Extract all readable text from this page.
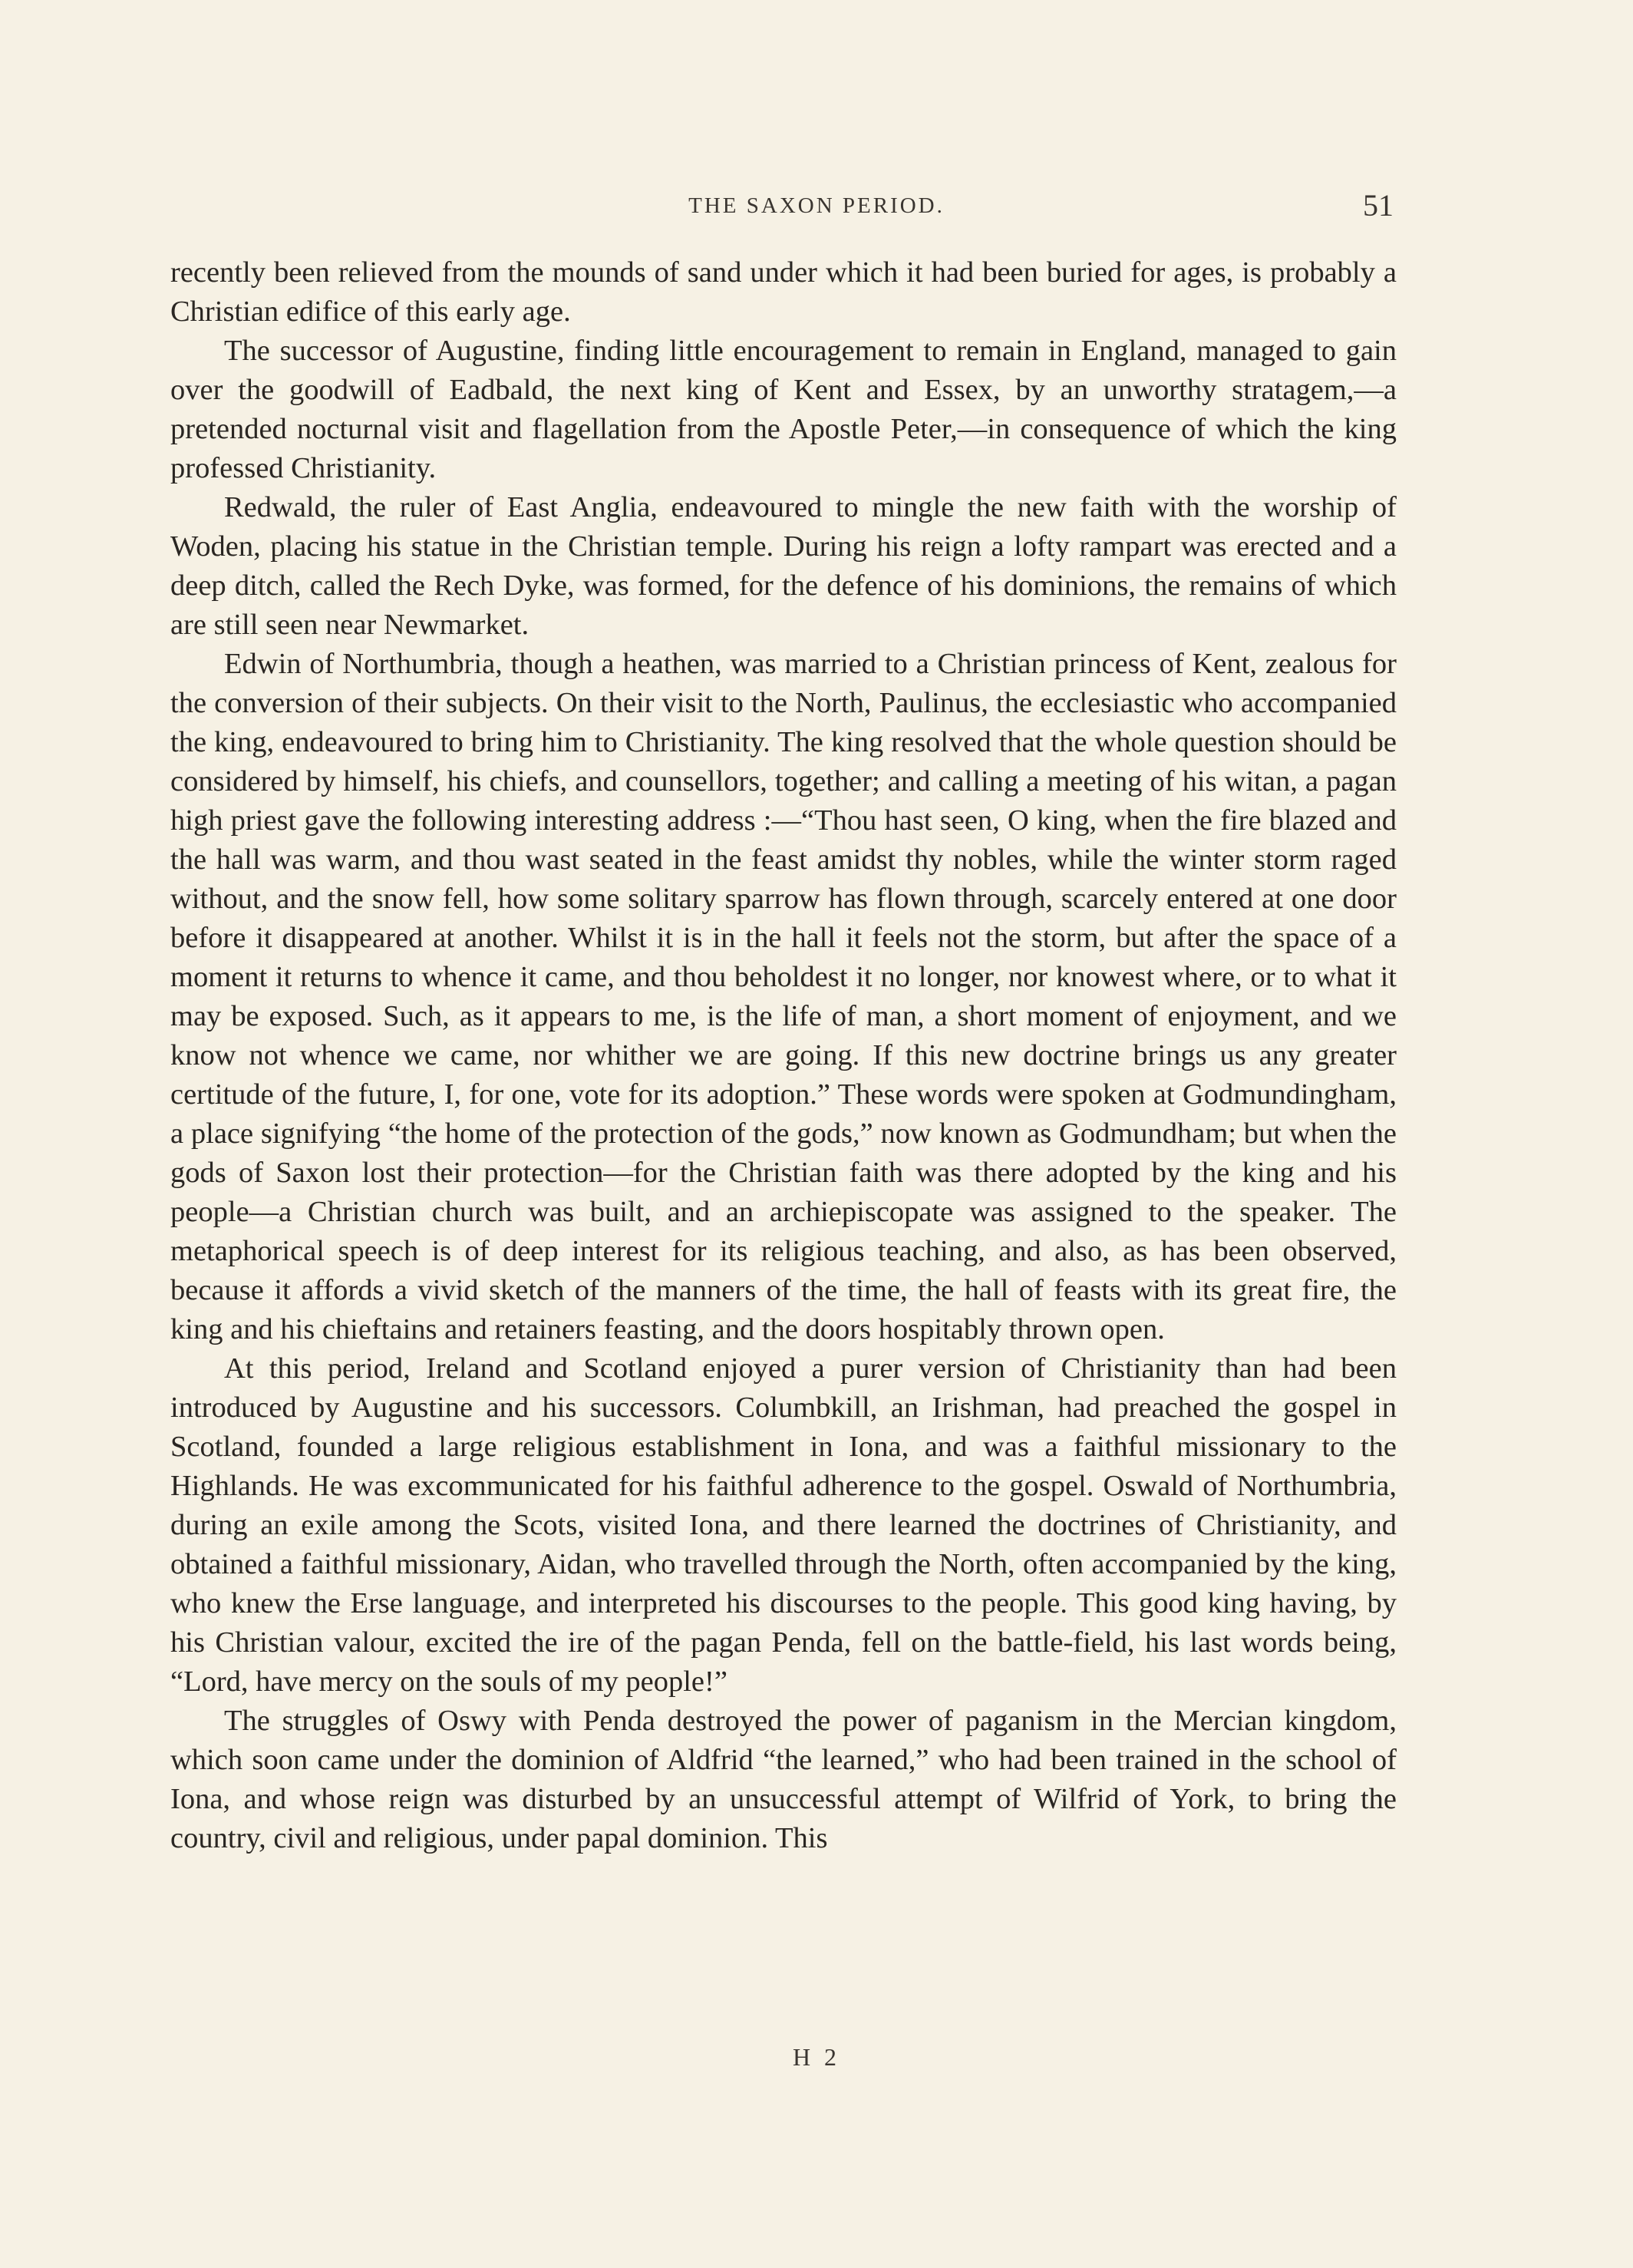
THE SAXON PERIOD.	51

recently been relieved from the mounds of sand under which it had been buried for ages, is probably a Christian edifice of this early age.

The successor of Augustine, finding little encouragement to remain in England, managed to gain over the goodwill of Eadbald, the next king of Kent and Essex, by an unworthy stratagem,—a pretended nocturnal visit and flagellation from the Apostle Peter,—in consequence of which the king professed Christianity.

Redwald, the ruler of East Anglia, endeavoured to mingle the new faith with the worship of Woden, placing his statue in the Christian temple. During his reign a lofty rampart was erected and a deep ditch, called the Rech Dyke, was formed, for the defence of his dominions, the remains of which are still seen near Newmarket.

Edwin of Northumbria, though a heathen, was married to a Christian princess of Kent, zealous for the conversion of their subjects. On their visit to the North, Paulinus, the ecclesiastic who accompanied the king, endeavoured to bring him to Christianity. The king resolved that the whole question should be considered by himself, his chiefs, and counsellors, together; and calling a meeting of his witan, a pagan high priest gave the following interesting address :—“Thou hast seen, O king, when the fire blazed and the hall was warm, and thou wast seated in the feast amidst thy nobles, while the winter storm raged without, and the snow fell, how some solitary sparrow has flown through, scarcely entered at one door before it disappeared at another. Whilst it is in the hall it feels not the storm, but after the space of a moment it returns to whence it came, and thou beholdest it no longer, nor knowest where, or to what it may be exposed. Such, as it appears to me, is the life of man, a short moment of enjoyment, and we know not whence we came, nor whither we are going. If this new doctrine brings us any greater certitude of the future, I, for one, vote for its adoption.” These words were spoken at Godmundingham, a place signifying “the home of the protection of the gods,” now known as Godmundham; but when the gods of Saxon lost their protection—for the Christian faith was there adopted by the king and his people—a Christian church was built, and an archiepiscopate was assigned to the speaker. The metaphorical speech is of deep interest for its religious teaching, and also, as has been observed, because it affords a vivid sketch of the manners of the time, the hall of feasts with its great fire, the king and his chieftains and retainers feasting, and the doors hospitably thrown open.

At this period, Ireland and Scotland enjoyed a purer version of Christianity than had been introduced by Augustine and his successors. Columbkill, an Irishman, had preached the gospel in Scotland, founded a large religious establishment in Iona, and was a faithful missionary to the Highlands. He was excommunicated for his faithful adherence to the gospel. Oswald of Northumbria, during an exile among the Scots, visited Iona, and there learned the doctrines of Christianity, and obtained a faithful missionary, Aidan, who travelled through the North, often accompanied by the king, who knew the Erse language, and interpreted his discourses to the people. This good king having, by his Christian valour, excited the ire of the pagan Penda, fell on the battle-field, his last words being, “Lord, have mercy on the souls of my people!”

The struggles of Oswy with Penda destroyed the power of paganism in the Mercian kingdom, which soon came under the dominion of Aldfrid “the learned,” who had been trained in the school of Iona, and whose reign was disturbed by an unsuccessful attempt of Wilfrid of York, to bring the country, civil and religious, under papal dominion. This

H 2
